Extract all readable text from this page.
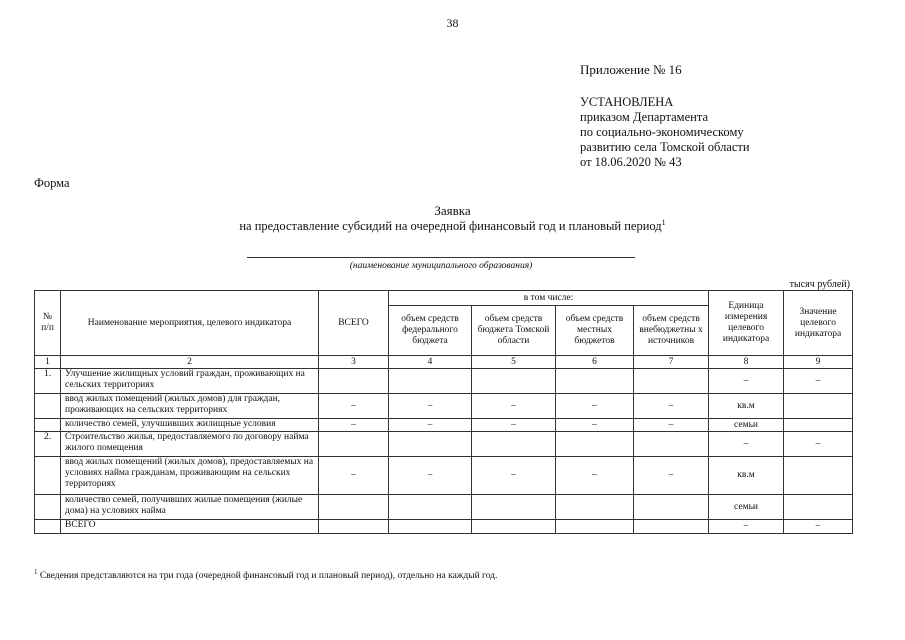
38
Приложение № 16
УСТАНОВЛЕНА
приказом Департамента
по социально-экономическому
развитию села Томской области
от 18.06.2020 № 43
Форма
Заявка
на предоставление субсидий на очередной финансовый год и плановый период$^1$
(наименование муниципального образования)
тысяч рублей)
№ п/п	Наименование мероприятия, целевого индикатора	ВСЕГО	в том числе:				Единица измерения целевого индикатора	Значение целевого индикатора
			объем средств федерального бюджета	объем средств бюджета Томской области	объем средств местных бюджетов	объем средств внебюджетны х источников		
1	2	3	4	5	6	7	8	9
1.	Улучшение жилищных условий граждан, проживающих на сельских территориях						–	–
	ввод жилых помещений (жилых домов) для граждан, проживающих на сельских территориях	–	–	–	–	–	кв.м	
	количество семей, улучшивших жилищные условия	–	–	–	–	–	семьи	
2.	Строительство жилья, предоставляемого по договору найма жилого помещения						–	–
	ввод жилых помещений (жилых домов), предоставляемых на условиях найма гражданам, проживающим на сельских территориях	–	–	–	–	–	кв.м	
	количество семей, получивших жилые помещения (жилые дома) на условиях найма						семьи	
	ВСЕГО						–	–
$^1$ Сведения представляются на три года (очередной финансовый год и плановый период), отдельно на каждый год.
